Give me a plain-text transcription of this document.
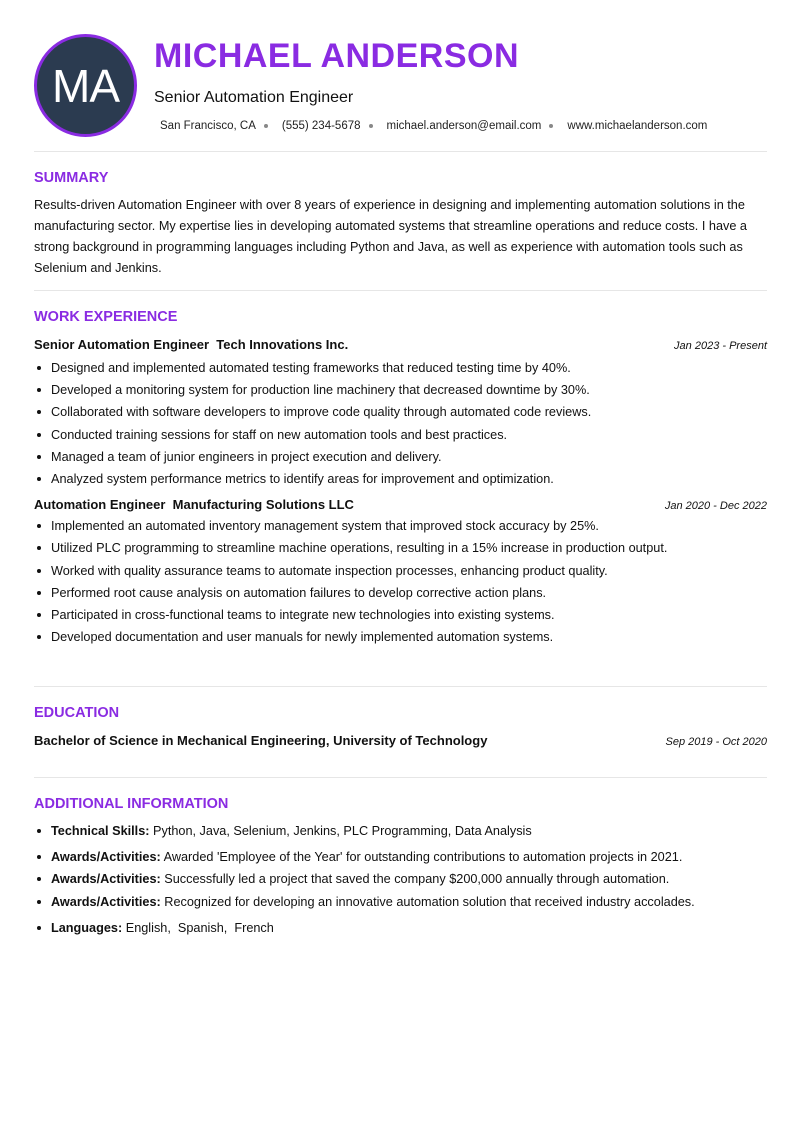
MA
MICHAEL ANDERSON
Senior Automation Engineer
San Francisco, CA (555) 234-5678 michael.anderson@email.com www.michaelanderson.com
SUMMARY

Results-driven Automation Engineer with over 8 years of experience in designing and implementing automation solutions in the manufacturing sector. My expertise lies in developing automated systems that streamline operations and reduce costs. I have a strong background in programming languages including Python and Java, as well as experience with automation tools such as Selenium and Jenkins.

WORK EXPERIENCE
Senior Automation Engineer  Tech Innovations Inc.	Jan 2023 - Present
Designed and implemented automated testing frameworks that reduced testing time by 40%.
Developed a monitoring system for production line machinery that decreased downtime by 30%.
Collaborated with software developers to improve code quality through automated code reviews.
Conducted training sessions for staff on new automation tools and best practices.
Managed a team of junior engineers in project execution and delivery.
Analyzed system performance metrics to identify areas for improvement and optimization.
Automation Engineer  Manufacturing Solutions LLC	Jan 2020 - Dec 2022
Implemented an automated inventory management system that improved stock accuracy by 25%.
Utilized PLC programming to streamline machine operations, resulting in a 15% increase in production output.
Worked with quality assurance teams to automate inspection processes, enhancing product quality.
Performed root cause analysis on automation failures to develop corrective action plans.
Participated in cross-functional teams to integrate new technologies into existing systems.
Developed documentation and user manuals for newly implemented automation systems.
EDUCATION
Bachelor of Science in Mechanical Engineering, University of Technology	Sep 2019 - Oct 2020
ADDITIONAL INFORMATION
Technical Skills: Python, Java, Selenium, Jenkins, PLC Programming, Data Analysis
Awards/Activities: Awarded 'Employee of the Year' for outstanding contributions to automation projects in 2021.
Awards/Activities: Successfully led a project that saved the company $200,000 annually through automation.
Awards/Activities: Recognized for developing an innovative automation solution that received industry accolades.
Languages: English,  Spanish,  French
